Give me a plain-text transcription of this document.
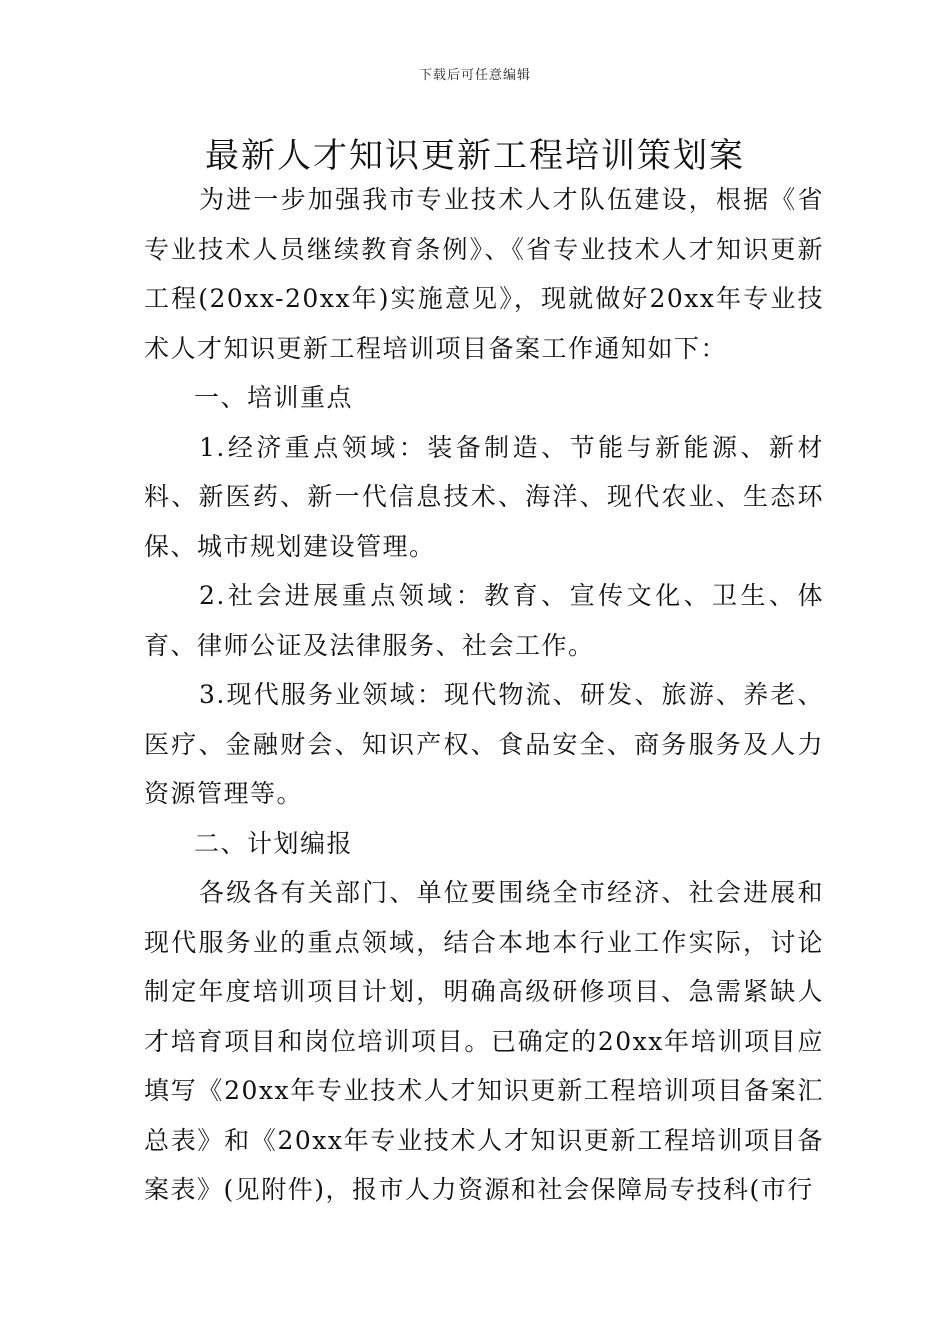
下载后可任意编辑
最新人才知识更新工程培训策划案

为进一步加强我市专业技术人才队伍建设，根据《省专业技术人员继续教育条例》、《省专业技术人才知识更新工程(20xx-20xx年)实施意见》，现就做好20xx年专业技术人才知识更新工程培训项目备案工作通知如下：

一、培训重点

1.经济重点领域：装备制造、节能与新能源、新材料、新医药、新一代信息技术、海洋、现代农业、生态环保、城市规划建设管理。

2.社会进展重点领域：教育、宣传文化、卫生、体育、律师公证及法律服务、社会工作。

3.现代服务业领域：现代物流、研发、旅游、养老、医疗、金融财会、知识产权、食品安全、商务服务及人力资源管理等。

二、计划编报

各级各有关部门、单位要围绕全市经济、社会进展和现代服务业的重点领域，结合本地本行业工作实际，讨论制定年度培训项目计划，明确高级研修项目、急需紧缺人才培育项目和岗位培训项目。已确定的20xx年培训项目应填写《20xx年专业技术人才知识更新工程培训项目备案汇总表》和《20xx年专业技术人才知识更新工程培训项目备案表》(见附件)，报市人力资源和社会保障局专技科(市行
